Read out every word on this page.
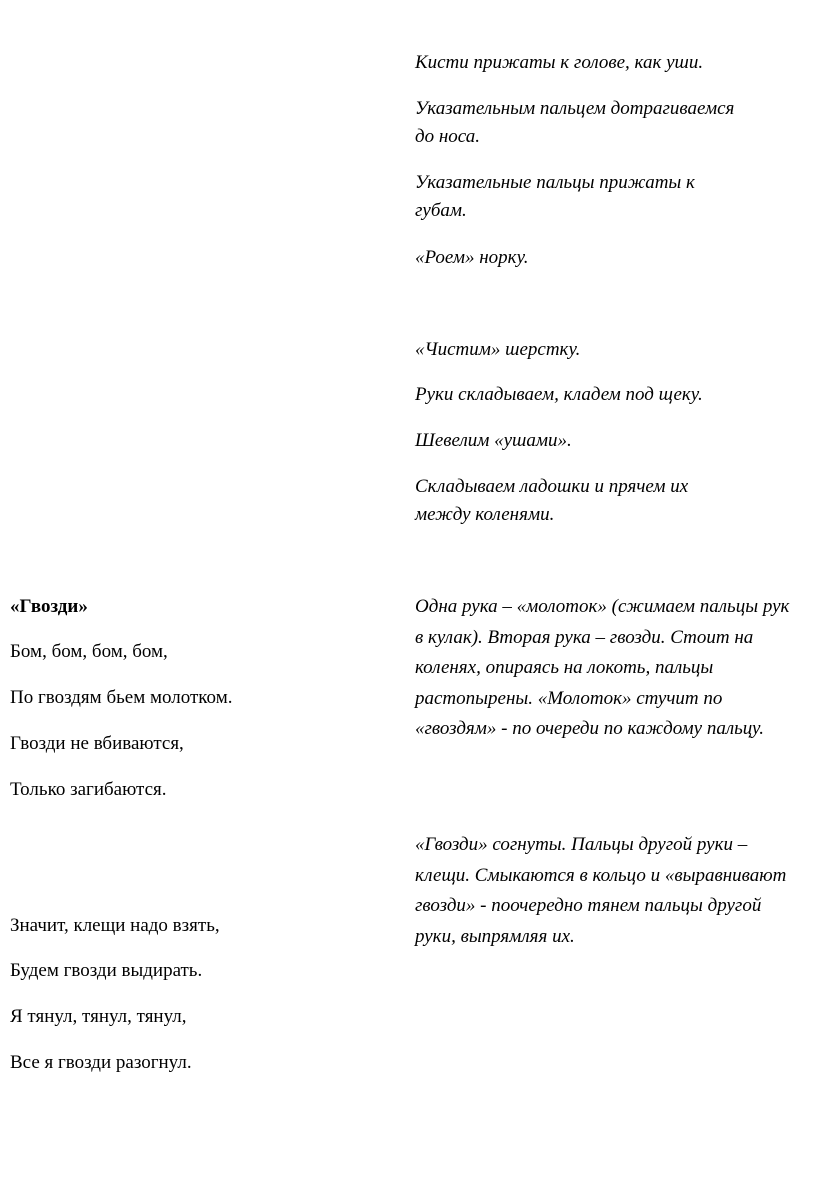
Кисти прижаты к голове, как уши.

Указательным пальцем дотрагиваемся

до носа.

Указательные пальцы прижаты к

губам.

«Роем» норку.

«Чистим» шерстку.

Руки складываем, кладем под щеку.

Шевелим «ушами».

Складываем ладошки и прячем их

между коленями.

«Гвозди»

Бом, бом, бом, бом,

По гвоздям бьем молотком.

Гвозди не вбиваются,

Только загибаются.

Значит, клещи надо взять,

Будем гвозди выдирать.

Я тянул, тянул, тянул,

Все я гвозди разогнул.

Одна рука – «молоток» (сжимаем пальцы рук в кулак). Вторая рука – гвозди. Стоит на коленях, опираясь на локоть, пальцы растопырены. «Молоток» стучит по «гвоздям» - по очереди по каждому пальцу.

«Гвозди» согнуты. Пальцы другой руки – клещи. Смыкаются в кольцо и «выравнивают гвозди» - поочередно тянем пальцы другой руки, выпрямляя их.
